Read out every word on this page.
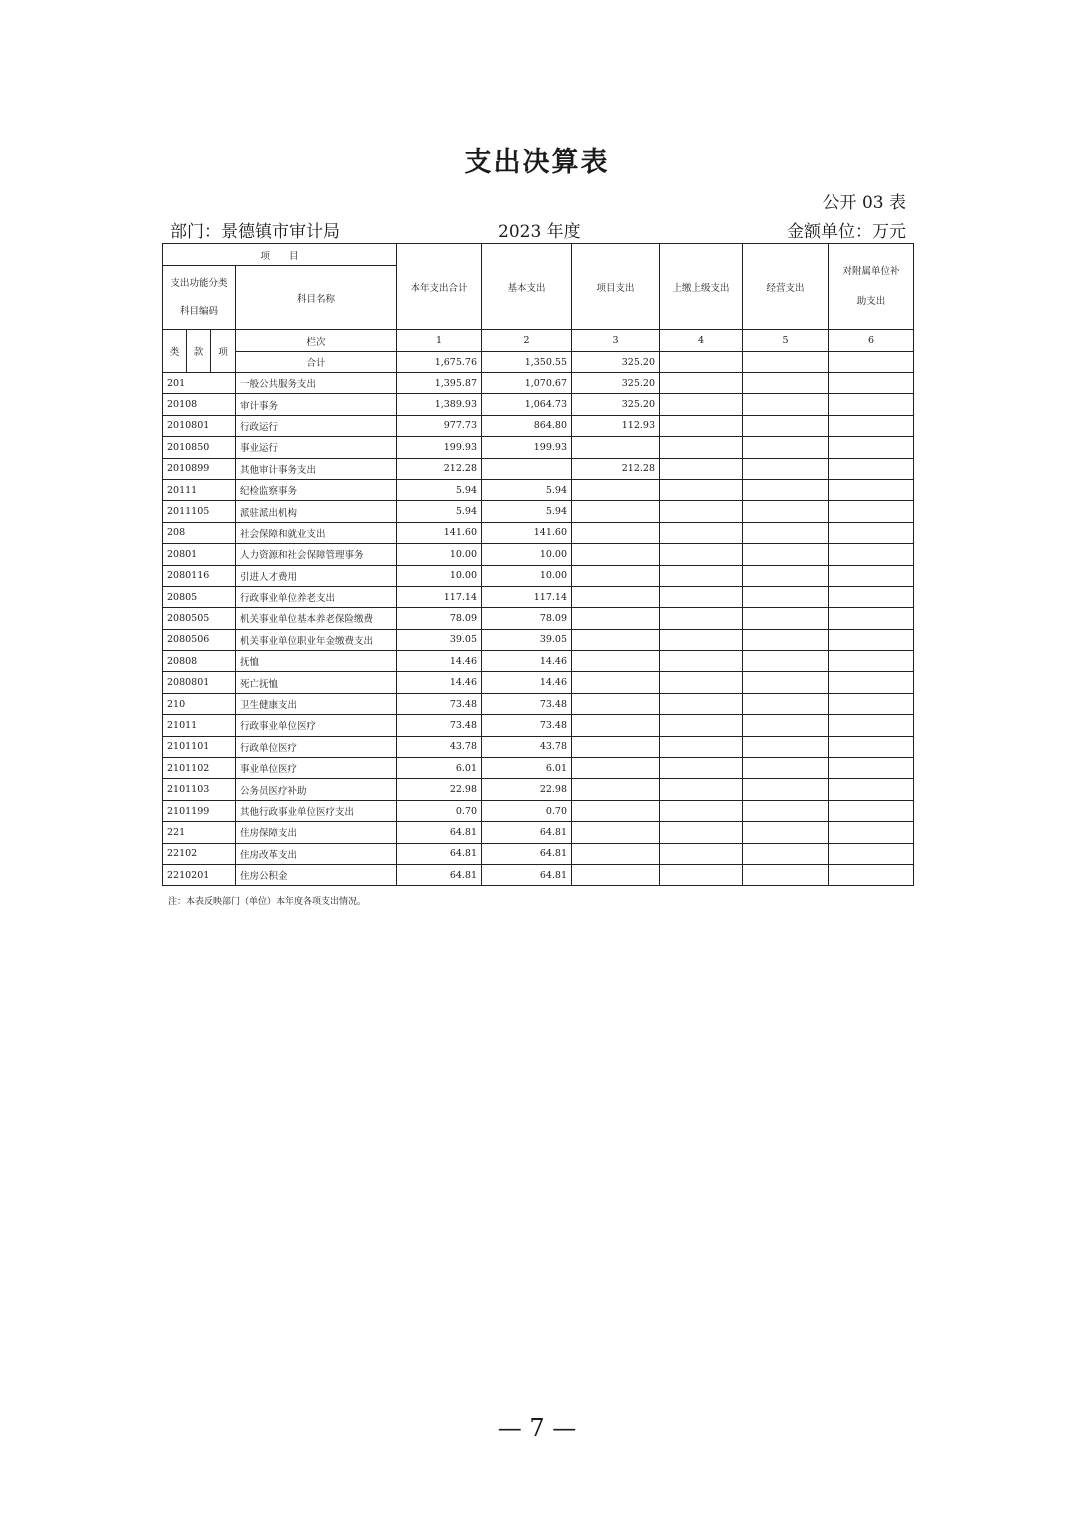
支出决算表
公开 03 表
部门：景德镇市审计局	2023 年度	金额单位：万元
项　　目				本年支出合计	基本支出	项目支出	上缴上级支出	经营支出	对附属单位补
助支出

支出功能分类
科目编码			科目名称						

类	款	项	栏次	1	2	3	4	5	6
			合计	1,675.76	1,350.55	325.20			
201			一般公共服务支出	1,395.87	1,070.67	325.20			
20108			审计事务	1,389.93	1,064.73	325.20			
2010801			行政运行	977.73	864.80	112.93			
2010850			事业运行	199.93	199.93				
2010899			其他审计事务支出	212.28		212.28			
20111			纪检监察事务	5.94	5.94				
2011105			派驻派出机构	5.94	5.94				
208			社会保障和就业支出	141.60	141.60				
20801			人力资源和社会保障管理事务	10.00	10.00				
2080116			引进人才费用	10.00	10.00				
20805			行政事业单位养老支出	117.14	117.14				
2080505			机关事业单位基本养老保险缴费	78.09	78.09				
2080506			机关事业单位职业年金缴费支出	39.05	39.05				
20808			抚恤	14.46	14.46				
2080801			死亡抚恤	14.46	14.46				
210			卫生健康支出	73.48	73.48				
21011			行政事业单位医疗	73.48	73.48				
2101101			行政单位医疗	43.78	43.78				
2101102			事业单位医疗	6.01	6.01				
2101103			公务员医疗补助	22.98	22.98				
2101199			其他行政事业单位医疗支出	0.70	0.70				
221			住房保障支出	64.81	64.81				
22102			住房改革支出	64.81	64.81				
2210201			住房公积金	64.81	64.81				
注：本表反映部门（单位）本年度各项支出情况。
— 7 —
